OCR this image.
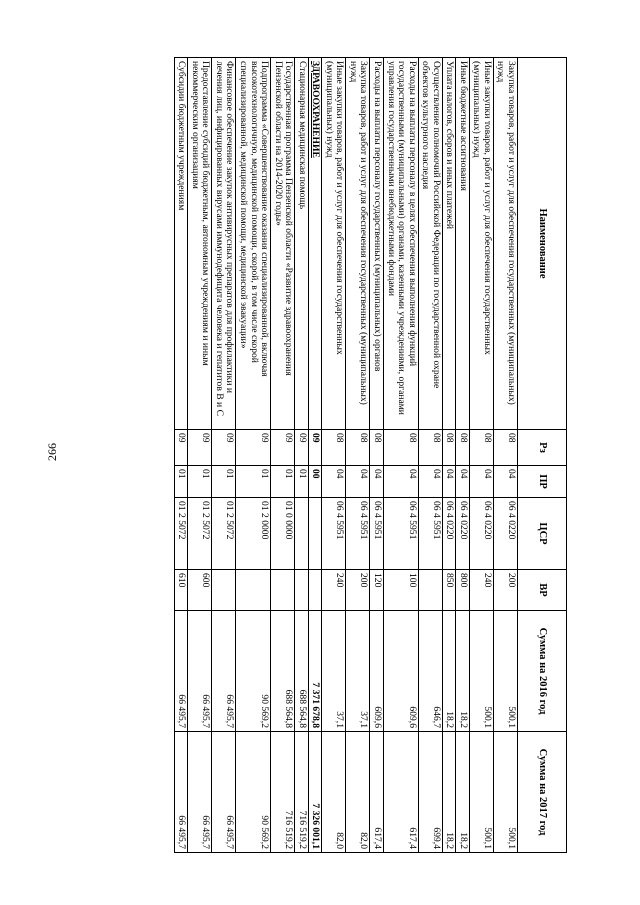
266
Наименование	Рз	ПР	ЦСР	ВР	Сумма на 2016 год	Сумма на 2017 год
Закупка товаров, работ и услуг для обеспечения государственных (муниципальных) нужд	08	04	06 4 0220	200	500,1	500,1
Иные закупки товаров, работ и услуг для обеспечения государственных (муниципальных) нужд	08	04	06 4 0220	240	500,1	500,1
Иные бюджетные ассигнования	08	04	06 4 0220	800	18,2	18,2
Уплата налогов, сборов и иных платежей	08	04	06 4 0220	850	18,2	18,2
Осуществление полномочий Российской Федерации по государственной охране объектов культурного наследия	08	04	06 4 5951		646,7	699,4
Расходы на выплаты персоналу в целях обеспечения выполнения функций государственными (муниципальными) органами, казенными учреждениями, органами управления государственными внебюджетными фондами	08	04	06 4 5951	100	609,6	617,4
Расходы на выплаты персоналу государственных (муниципальных) органов	08	04	06 4 5951	120	609,6	617,4
Закупка товаров, работ и услуг для обеспечения государственных (муниципальных) нужд	08	04	06 4 5951	200	37,1	82,0
Иные закупки товаров, работ и услуг для обеспечения государственных (муниципальных) нужд	08	04	06 4 5951	240	37,1	82,0
ЗДРАВООХРАНЕНИЕ	09	00			7 371 678,8	7 326 001,1
Стационарная медицинская помощь	09	01			688 564,8	716 519,2
Государственная программа Пензенской области «Развитие здравоохранения Пензенской области на 2014-2020 годы»	09	01	01 0 0000		688 564,8	716 519,2
Подпрограмма «Совершенствование оказания специализированной, включая высокотехнологичную, медицинской помощи, скорой, в том числе скорой специализированной, медицинской помощи, медицинской эвакуации»	09	01	01 2 0000		90 569,2	90 569,2
Финансовое обеспечение закупок антивирусных препаратов для профилактики и лечения лиц, инфицированных вирусами иммунодефицита человека и гепатитов В и С	09	01	01 2 5072		66 495,7	66 495,7
Предоставление субсидий бюджетным, автономным учреждениям и иным некоммерческим организациям	09	01	01 2 5072	600	66 495,7	66 495,7
Субсидии бюджетным учреждениям	09	01	01 2 5072	610	66 495,7	66 495,7
